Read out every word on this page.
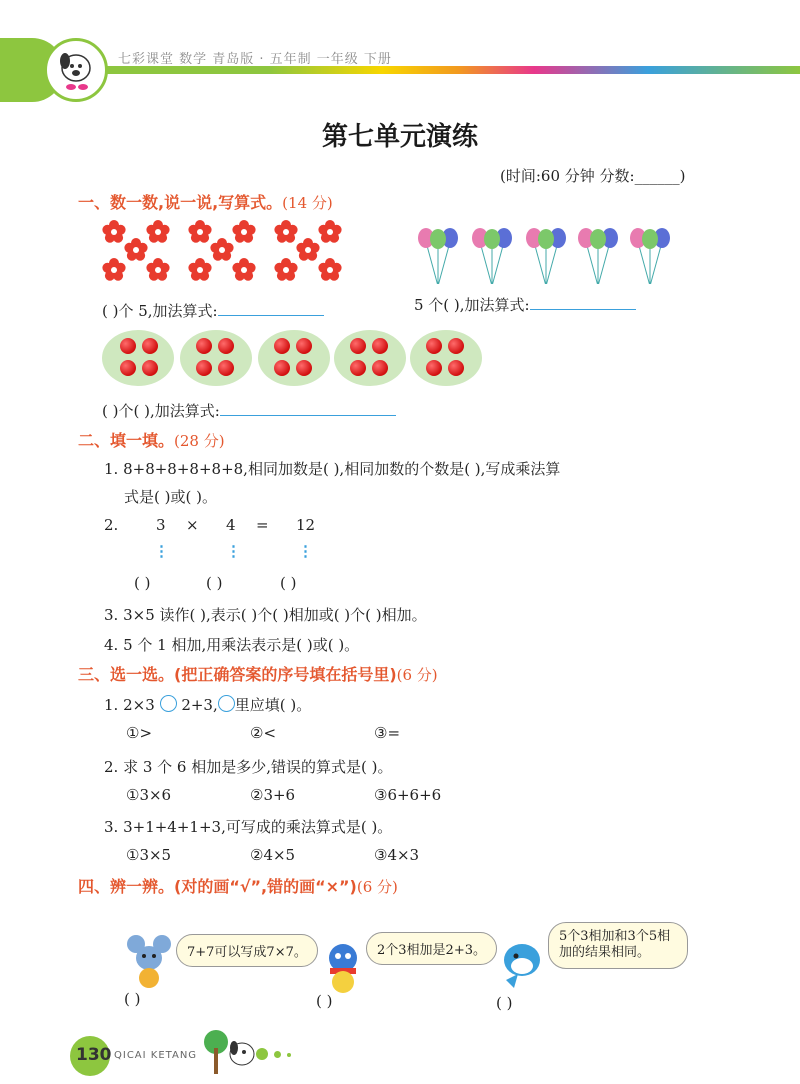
七彩课堂 数学 青岛版 · 五年制 一年级 下册
第七单元演练
(时间:60 分钟 分数:______)
一、数一数,说一说,写算式。(14 分)
( )个 5,加法算式:	5 个( ),加法算式:
( )个( ),加法算式:
二、填一填。(28 分)
1. 8+8+8+8+8+8,相同加数是( ),相同加数的个数是( ),写成乘法算
式是( )或( )。
2.	3 × 4 = 12
⋮	⋮	⋮
( )	( )	( )
3. 3×5 读作( ),表示( )个( )相加或( )个( )相加。
4. 5 个 1 相加,用乘法表示是( )或( )。
三、选一选。(把正确答案的序号填在括号里)(6 分)
1. 2×3 2+3, 里应填( )。
①>	②<	③=
2. 求 3 个 6 相加是多少,错误的算式是( )。
①3×6	②3+6	③6+6+6
3. 3+1+4+1+3,可写成的乘法算式是( )。
①3×5	②4×5	③4×3
四、辨一辨。(对的画“√”,错的画“×”)(6 分)
7+7可以写成7×7。
( )
2个3相加是2+3。
( )
5个3相加和3个5相加的结果相同。
( )
130 QICAI KETANG
